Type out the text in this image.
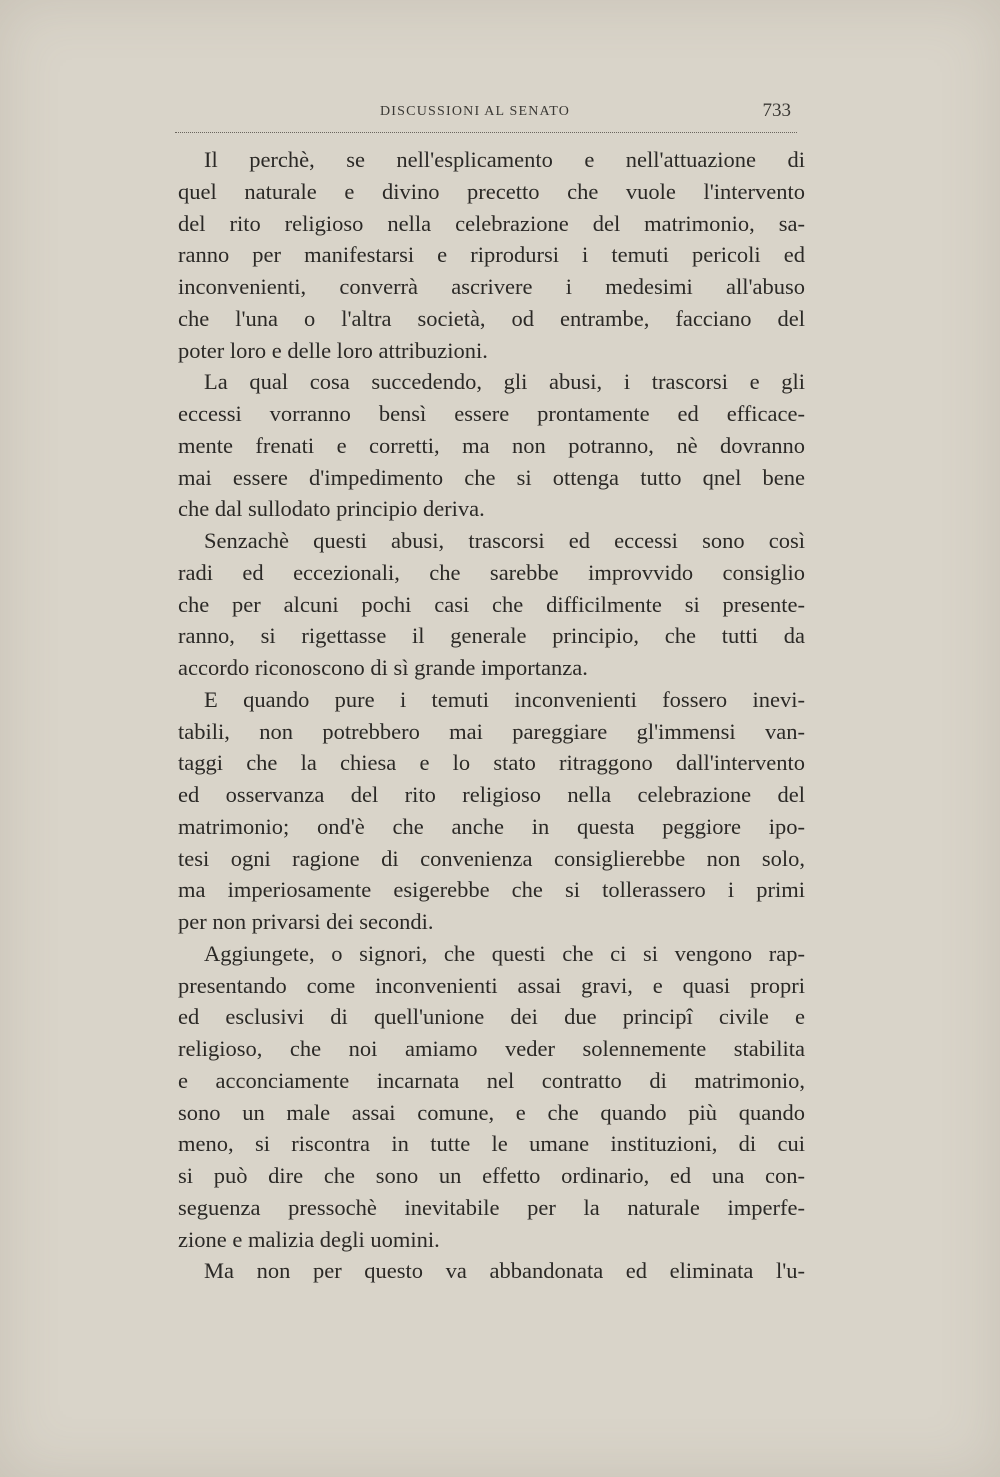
DISCUSSIONI AL SENATO	733
Il perchè, se nell'esplicamento e nell'attuazione di
quel naturale e divino precetto che vuole l'intervento
del rito religioso nella celebrazione del matrimonio, sa-
ranno per manifestarsi e riprodursi i temuti pericoli ed
inconvenienti, converrà ascrivere i medesimi all'abuso
che l'una o l'altra società, od entrambe, facciano del
poter loro e delle loro attribuzioni.
La qual cosa succedendo, gli abusi, i trascorsi e gli
eccessi vorranno bensì essere prontamente ed efficace-
mente frenati e corretti, ma non potranno, nè dovranno
mai essere d'impedimento che si ottenga tutto qnel bene
che dal sullodato principio deriva.
Senzachè questi abusi, trascorsi ed eccessi sono così
radi ed eccezionali, che sarebbe improvvido consiglio
che per alcuni pochi casi che difficilmente si presente-
ranno, si rigettasse il generale principio, che tutti da
accordo riconoscono di sì grande importanza.
E quando pure i temuti inconvenienti fossero inevi-
tabili, non potrebbero mai pareggiare gl'immensi van-
taggi che la chiesa e lo stato ritraggono dall'intervento
ed osservanza del rito religioso nella celebrazione del
matrimonio; ond'è che anche in questa peggiore ipo-
tesi ogni ragione di convenienza consiglierebbe non solo,
ma imperiosamente esigerebbe che si tollerassero i primi
per non privarsi dei secondi.
Aggiungete, o signori, che questi che ci si vengono rap-
presentando come inconvenienti assai gravi, e quasi propri
ed esclusivi di quell'unione dei due principî civile e
religioso, che noi amiamo veder solennemente stabilita
e acconciamente incarnata nel contratto di matrimonio,
sono un male assai comune, e che quando più quando
meno, si riscontra in tutte le umane instituzioni, di cui
si può dire che sono un effetto ordinario, ed una con-
seguenza pressochè inevitabile per la naturale imperfe-
zione e malizia degli uomini.
Ma non per questo va abbandonata ed eliminata l'u-
